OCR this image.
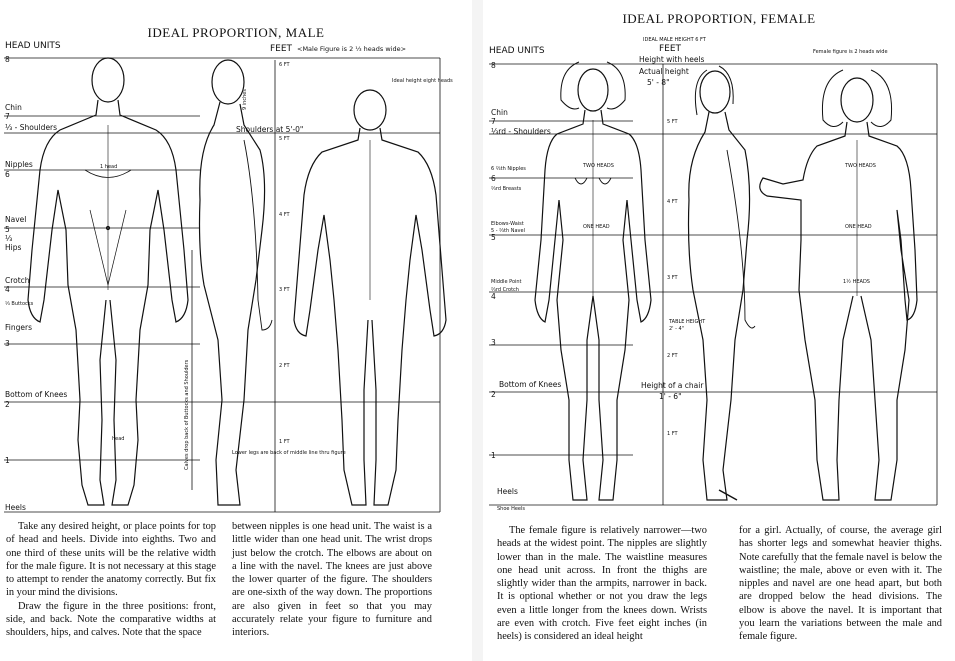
IDEAL PROPORTION, MALE
HEAD UNITS	FEET <Male Figure is 2 ⅓ heads wide>
8
Chin
7
⅓ - Shoulders
Nipples
6
Navel
5
⅓
Hips
Crotch
4
⅓ Buttocks
Fingers
3
Bottom of Knees
2
1
Heels
1 head
head
9 inches
6 FT
5 FT
4 FT
3 FT
2 FT
1 FT
Ideal height eight heads
Shoulders at 5'-0"
Calves drop back of Buttocks and Shoulders	Lower legs are back of middle line thru figure

Take any desired height, or place points for top of head and heels. Divide into eighths. Two and one third of these units will be the relative width for the male figure. It is not necessary at this stage to attempt to render the anatomy correctly. But fix in your mind the divisions.

Draw the figure in the three positions: front, side, and back. Note the comparative widths at shoulders, hips, and calves. Note that the space

between nipples is one head unit. The waist is a little wider than one head unit. The wrist drops just below the crotch. The elbows are about on a line with the navel. The knees are just above the lower quarter of the figure. The shoulders are one-sixth of the way down. The proportions are also given in feet so that you may accurately relate your figure to furniture and interiors.

IDEAL PROPORTION, FEMALE
IDEAL MALE HEIGHT 6 FT
HEAD UNITS	FEET
Height with heels
Actual height
5' - 8"
Female figure is 2 heads wide
8
Chin
7
⅓rd - Shoulders
6 ⅔th Nipples
6
⅔rd Breasts
Elbows-Waist
5 - ⅔th Navel
5
Middle Point
⅔rd Crotch
4
3
Bottom of Knees
2
1
Heels
Shoe Heels
TWO HEADS
ONE HEAD
TWO HEADS
ONE HEAD
1½ HEADS
5 FT
4 FT
3 FT
2 FT
1 FT
TABLE HEIGHT
2' - 4"
Height of a chair
1' - 6"

The female figure is relatively narrower—two heads at the widest point. The nipples are slightly lower than in the male. The waistline measures one head unit across. In front the thighs are slightly wider than the armpits, narrower in back. It is optional whether or not you draw the legs even a little longer from the knees down. Wrists are even with crotch. Five feet eight inches (in heels) is considered an ideal height

for a girl. Actually, of course, the average girl has shorter legs and somewhat heavier thighs. Note carefully that the female navel is below the waistline; the male, above or even with it. The nipples and navel are one head apart, but both are dropped below the head divisions. The elbow is above the navel. It is important that you learn the variations between the male and female figure.
